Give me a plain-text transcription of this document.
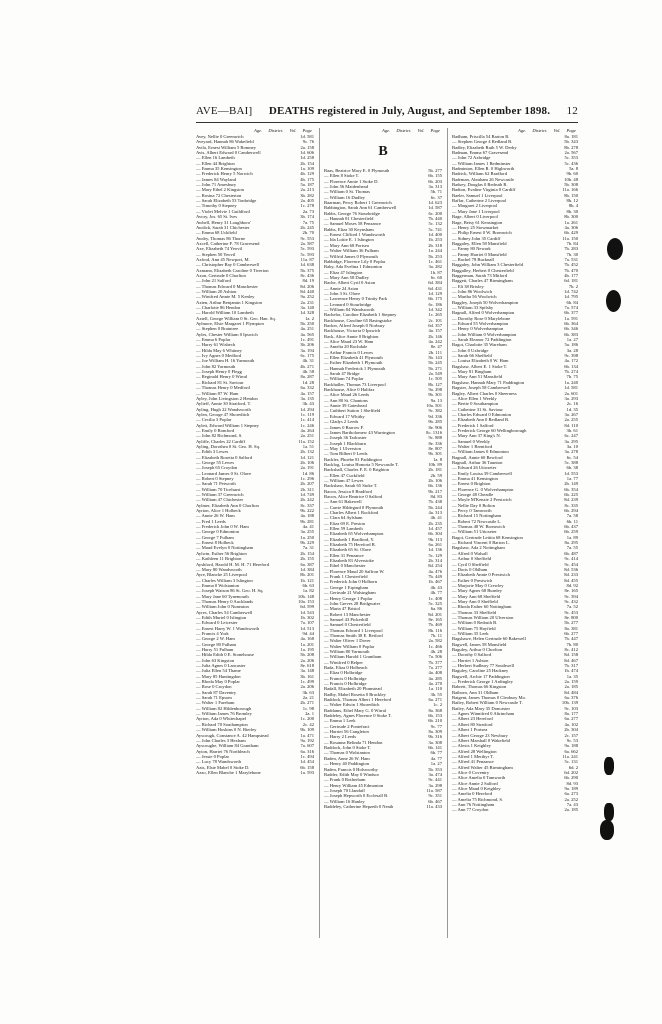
AVE—BAI] DEATHS registered in July, August, and September 1898. 12
Age. District. Vol. Page
Avey, Nellie 0 Greenwich	1d. 581
Aveyard, Hannah 86 Wakefield	9c. 76
Avila, Ernest William 5 Romney	2a. 158
Avis, Albert Edward 0 Camberwell	1d. 606
— Ellen 16 Lambeth	1d. 258
— Ellen 44 Brighton	2b. 154
— Emma 35 Kensington	1a. 109
— Frederick Henry 5 Norwich	4b. 129
— James 84 Wayland	4b. 175
— John 71 Amesbury	5a. 187
— Mary Ethel 2 Kingston	2a. 213
— Rosina 72 Chesterton	3b. 282
— Sarah Elizabeth 53 Tonbridge	2a. 405
— Timothy 0 Stepney	1c. 278
— Violet Melvie 1 Guildford	2a. 73
Avory, Jos. 65 St. Ives	3b. 174
Awbell, Henry 31 Loughboro'	7a. 75
Awdick, Sarah 31 Chichester	2b. 245
— Emma 68 Uckfield	2b. 70
Awdry, Thomas 86 Thorne	9c. 553
Axcell, Catherine F. 78 Gravesend	2a. 587
Axe, Elizabeth 74 Yeovil	5c. 593
— Stephen 50 Yeovil	5c. 593
Axford, Ann 45 Newport, M.	11a. 87
— Christopher Ray 0 Camberwell	1d. 638
Axmann, Elizabeth Caroline 0 Tiverton	5b. 375
Axon, Gertrude 0 Chorlton	8c. 436
— John 21 Salford	8d. 19
— Thomas Edward 0 Manchester	8d. 206
— William 20 Ashton	8d. 440
— Winifred Annie M. 5 Kenley	9a. 252
Axten, Arthur Benjamin 1 Kingston	2a. 231
— Charlotte 86 Hendon	3a. 140
— Harold William 10 Lambeth	1d. 328
Axtell, George William 0 St. Geo. Han. Sq.	1a. 2
Aylmore, Elsie Margaret 1 Plympton	5b. 250
— Stephen 0 Braintree	4a. 251
Ayles, Chester William 0 Ipswich	4a. 565
— Emma 6 Poplar	1c. 491
— Harry 61 Wisbech	3b. 206
— Hilda May 6 Whitney	3a. 194
— Ivy Agnes 0 Medford	6c. 175
— Joe William H. 16 Yarmouth	4b. 31
— John 82 Yarmouth	4b. 271
— Joseph Henry 0 Flegg	4b. 58
— Reginald Henry 0 Wirral	8a. 287
— Richard 81 St. Saviour	1d. 28
— Thomas Henry 0 Medford	6a. 332
— William 87 W. Ham	4a. 157
Ayley, John Livingston 2 Hendon	3a. 135
Aylieff, Annie 30 Stratford, T.	3b. 43
Ayling, Hugh 22 Wandsworth	1d. 294
Aylen, George 47 Shoreditch	1c. 119
— Cecilia 3 Poplar	1c. 414
Aylett, Edward William 1 Stepney	1c. 246
— Emily 0 Romford	4a. 264
— John 82 Richmond, S.	2a. 251
Ayliffe, Charles 22 Cardiff	11a. 152
Ayling, Dorothea 0 St. Geo. H. Sq.	1a. 51
— Edith 3 Lewes	2b. 132
— Elizabeth Rosetta 0 Salford	1d. 121
— George 55 Lewes	2b. 106
— Joseph 65 Croydon	2a. 191
— Leonard James 0 St. Olave	1d. 86
— Robert 0 Stepney	1c. 296
— Sarah 71 Petworth	2b. 207
— William 70 Ticehurst	2b. 311
— William 37 Greenwich	1d. 749
— William 47 Chichester	2b. 242
Aylmer, Elizabeth Ann 0 Chorlton	8c. 337
Ayrton, Alice 1 Holbeck	9b. 222
— Annie 26 W. Ham	4a. 188
— Fred 1 Leeds	9b. 281
— Frederick John 0 W. Ham	4a. 41
— George 0 Edmonton	3a. 255
— George 7 Fulham	1a. 250
— Ernest 8 Holbeck	9b. 229
— Maud Evelyn 0 Nottingham	7a. 31
Aylwin, Esther 56 Brighton	2b. 154
— Kathleen 11 Brighton	2b. 155
Ayshford, Harold H. M. H. 71 Hereford	6a. 387
— Mary 80 Wandsworth	1d. 384
Ayre, Blanche 25 Liverpool	8b. 201
— Charles William 3 Islington	1b. 121
— Emma 0 Wolstanton	6b. 63
— Joseph Watson 86 St. Geo. H. Sq.	1a. 82
— Mary Jane 60 Tynemouth	10b. 148
— Thomas Henry 0 Aucklands	10a. 153
— William John 0 Nuneaton	6d. 599
Ayres, Charles 54 Camberwell	1d. 543
— Edith Muriel 0 Islington	1b. 302
— Edward 0 Leicester	7a. 107
— Ernest Harry W. 1 Wandsworth	1d. 513
— Francis 4 York	9d. 44
— George 2 W. Ham	4a. 168
— George 80 Fulham	1a. 201
— Harry 51 Fulham	1a. 195
— Hilda Edith 0 E. Stonehouse	5b. 208
— John 63 Kingston	2a. 206
— Julia Agnes 0 Lancaster	8e. 618
— Julia Ellen 54 Thame	3a. 148
— Mary 85 Huntingdon	3b. 161
— Rhoda May 0 Poplar	1c. 499
— Rose 0 Croydon	2a. 206
— Sarah 87 Daventry	3b. 63
— Sarah 71 Epsom	2a. 21
— Walter 1 Fareham	2b. 271
— William 82 Hildenborough	1c. 98
— William James 76 Bromley	2a. 1
Ayrton, Ada 0 Whitechapel	1c. 200
— Richard 70 Southampton	2c. 42
— William Hoskins 0 N. Bierley	9b. 109
Ayscough, Constance A. 42 Hampstead	1a. 471
— John Charles 3 Hexham	9a. 192
Ayscoughe, William 84 Grantham	7a. 607
Ayton, Harriet 76 Northleach	6a. 316
— Jessie 0 Poplar	1c. 494
— Lucy 78 Wandsworth	1d. 454
Azis, Elsie Mabel 0 Stoke D.	6b. 158
Azzo, Ellen Blanche 1 Marylebone	1a. 593
Age. District. Vol. Page
B
Baas, Beatrice Mary E. 0 Plymouth	5b. 277
— Ellen 8 Stoke T.	6b. 155
— Florence Annie 1 Stoke D.	6b. 203
— John 56 Maidenhead	3a. 313
— William 0 St. Thomas	5b. 71
— William 16 Dudley	6c. 37
Baarman, Percy Robert 1 Greenwich	1d. 623
Babbington, Sarah Ann 61 Camberwell	1d. 587
Babbs, George 76 Stourbridge	6c. 200
— Hannah 81 Chesterfield	7b. 440
— Samuel Moses 58 Penzance	5c. 132
Babbs, Eliza 30 Keynsham	5c. 741
— Ernest Clifford 1 Wandsworth	1d. 400
— Ida Lottie E. 1 Islington	1b. 253
— Mary Ann 68 Portsea	2b. 318
— Walter William 36 Fulham	1a. 244
— Wilfrid James 0 Plymouth	5b. 253
Babbidge, Florence Lily 0 Poplar	1c. 461
Baby, Ada Evelina 1 Edmonton	3a. 282
— Eliza 47 Islington	1b. 87
— Mary Ann 58 Dudley	6c. 60
Bache, Albert Cyril 0 Aston	6d. 384
— Annie 24 Aston	6d. 431
— John 3 St. Olave	1d. 129
— Lawrence Henry 0 Trinity Park	6b. 175
— Leonard 0 Stourbridge	6c. 186
— William 84 Wandsworth	1d. 342
Bachelor, Caroline Elizabeth 1 Stepney	1c. 265
Backhouse, Caroline 65 Basingstoke	2c. 101
Backer, Alfred Joseph 0 Norbury	6d. 357
Backhouse, Victoria 0 Ipswich	4a. 157
Back, Alice Annie 0 Brighton	2b. 146
— Alice Maud 23 W. Ham	4a. 242
— Amelia 20 Rochdale	8e. 47
— Arthur Francis 0 Lewes	2b. 111
— Ellen Elizabeth 41 Plymouth	5b. 143
— Esther Elizabeth 1 Plymouth	5b. 245
— Hannah Frederick 1 Plymouth	5b. 271
— Sarah 47 Bridge	2a. 549
— William 74 Poplar	1c. 505
Backhaller, Thomas 73 Liverpool	8b. 127
Backhouse, Alice 0 Halifax	9a. 298
— Alice Maud 26 Leeds	9b. 301
— Ann 80 St. Chantons	9a. 13
— Annie 39 Gateshead	10a. 501
— Cuthbert Sutton 1 Sheffield	9c. 382
— Edward 17 Whitby	9d. 336
— Gladys 2 Leeds	9b. 285
— James 0 Barrow F.	8e. 906
— James Bartholomew 43 Warrington	8c. 1316
— Joseph 36 Tadcaster	9c. 888
— Joseph 1 Blackburn	8e. 336
— May 1 Ulverston	8e. 807
— Tom Bilbert 0 Leeds	9b. 301
Backler, Phoebe 81 Paddington	1a. 8
Backlog, Louisa Honoria 5 Newcastle T.	10b. 89
Backshall, Charles F. E. 0 Brighton	2b. 181
— Ellen 47 Cuckfield	2b. 59
— William 47 Lewes	2b. 106
Backshaw, Sarah 65 Stoke T.	6b. 136
Bacon, Jessica 0 Bradford	9b. 217
Bacon, Alice Beatrice 0 Salford	8d. 83
— Ann 61 Bakewell	7b. 438
— Carrie Hildegard 0 Plymouth	5b. 244
— Charles Albert 1 Rockford	4a. 313
— Clara 64 Aylsham	4b. 41
— Eliza 69 E. Preston	2b. 235
— Ellen 59 Lambeth	1d. 457
— Elizabeth 65 Wolverhampton	6b. 304
— Elizabeth 1 Bradford, Y.	9b. 113
— Elizabeth 75 Hereford R.	6a. 261
— Elizabeth 65 St. Olave	1d. 136
— Ellen 31 Penzance	5c. 129
— Elizabeth 83 Alverstoke	2b. 314
— Ethel 0 Manchester	8d. 254
— Florence Maud 20 Saffron W.	4a. 476
— Frank 1 Chesterfield	7b. 449
— Frederick John 0 Holborn	1b. 467
— George 1 Erpingham	4b. 43
— Gertrude 21 Walsingham	4b. 77
— Henry George 1 Poplar	1c. 408
— John Greves 28 Bridgwater	5c. 325
— Maria 47 Bristol	6a. 86
— Robert 13 Manchester	8d. 201
— Samuel 43 Pickerhill	8e. 165
— Samuel 0 Chesterfield	7b. 469
— Thomas Edward 1 Liverpool	8b. 116
— Thomas Smith 38 E. Retford	7b. 11
— Walter Oliver 1 Dover	2a. 582
— Walter William 0 Poplar	1c. 466
— William 80 Yarmouth	4b. 28
— William Harold 1 Grantham	7a. 506
— Winifred 0 Belper	7b. 377
Bada, Eliza 0 Holbeach	7a. 277
— Eliza 0 Holbridge	4a. 408
— Francis 0 Holbridge	4a. 285
— Francis 0 Holbridge	4a. 270
Badall, Elizabeth 20 Plumstead	1a. 110
Badby, Mabel Rosetta 0 Brackley	3b. 55
Baddock, Thomas Albert 1 Hereford	6a. 271
— Walter Edwin 1 Shoreditch	1c. 2
Baddams, Ethel Mary G. 0 Wirral	8a. 368
Baddeley, Agnes Florence 0 Stoke T.	6b. 153
— Emma 1 Leek	6b. 210
— Gertrude 2 Pontefract	9c. 77
— Harriet 56 Congleton	8a. 309
— Harry 2 Leeds	9b. 316
— Rosanna Belinda 71 Hendon	3a. 308
Baddock, John 0 Stoke T.	6b. 141
— Thomas 0 Wolstanton	6b. 77
Baden, Anne 26 W. Ham	4a. 77
— Henry 40 Paddington	1a. 27
Baden, Francis 0 Holsworthy	5b. 353
Badder, Edith May 0 Windsor	3a. 474
— Frank 0 Rotherham	9c. 441
— Henry William 45 Edmonton	3a. 298
— Joseph 70 Llandaff	11a. 587
— Joseph Hepworth 0 Ecclesall B.	9c. 351
— William 16 Hanley	6b. 467
Baddeley, Catherine Hepzeth 0 Neath	11a. 433
Age. District. Vol. Page
Badham, Priscilla 54 Barton R.	8a. 181
— Stephen George 4 Redland B.	5b. 343
Badley, Elizabeth Ruth 5 W. Derby	8b. 278
Badman, Emma 67 Gravesend	2a. 567
— John 72 Axbridge	5c. 353
— William James 1 Bedminster	5c. 436
Badminton, Ellen R. 0 Highworth	5a. 8
Badrick, William 62 Bradford	9b. 60
Badrman, Abraham 26 Newcastle	10b. 48
Badsey, Douglas 0 Redruth R.	5b. 308
Badton, Evaline Virginia 0 Cardiff	11a. 166
Baeler, Samuel 1 Liverpool	8b. 150
Baffar, Catherine 2 Liverpool	8b. 12
— Margaret 2 Liverpool	8b. 4
— Mary Jane 1 Liverpool	8b. 30
Bage, Albert 0 Liverpool	8b. 300
Bage, Betsy 61 Kensington	1a. 261
— Henry 25 Stowmarket	4a. 306
— Philip Ernest 0 W. Bromwich	6b. 429
— Sidney John 35 Cardiff	11a. 150
Baggaley, Ellen 58 Mansfield	7b. 84
— Fanny 80 Newark	7b. 283
— Fanny Harriet 0 Mansfield	7b. 30
— Rachel 78 Bucknall	7a. 531
Baggaley, John William 3 Chesterfield	7b. 452
Baggalley, Herbert 0 Chesterfield	7b. 470
Baggerman, Sarah 73 Mitford	4b. 177
Baggett, Charles 47 Birmingham	6d. 181
— Eli 38 Brixley	7b. 2
— John 86 Woolwich	1d. 742
— Martha 56 Woolwich	1d. 795
Baggley, Joseph 50 Wolverhampton	6b. 84
— William 33 Spilsby	7a. 574
Bagnall, Alfred 0 Wolverhampton	6b. 377
— Dorothy Rose 0 Marylebone	1a. 591
— Edward 55 Wolverhampton	6b. 364
— Henry 0 Wolverhampton	6b. 346
— John William 0 Wolverhampton	6b. 383
— Sarah Eleanor 72 Paddington	1a. 27
Bagot, Charlotte 35 Wareham	5a. 186
— John 0 Uxbridge	3a. 28
— Sarah 66 Sheffield	9c. 398
— Louisa Elizabeth 0 W. Ham	4a. 172
Bagshaw, Albert E. 1 Stoke T.	6b. 134
— Mary 81 Bingham	7b. 274
— Mary Ann 51 Mansfield	7b. 75
Bagshaw, Hannah Mary 71 Paddington	1a. 240
Bagster, Joseph 58 Camberwell	1d. 581
Bagley, Albert Charles 0 Sheerness	2a. 601
— Alice Ellen 1 Weekly	3a. 293
— Bertie 0 Southampton	2c. 16
— Catherine 31 St. Saviour	1d. 35
— Charles Edward 0 Edmonton	3a. 267
— Elizabeth Ann 0 Redland B.	2a. 255
— Frederick 1 Salford	8d. 110
— Frederick George 60 Wellingborough	3b. 61
— Mary Ann 37 King's N.	6c. 247
— Samuel 0 Weekly	3a. 295
— Walter 1 Brentford	3a. 10
— William James 0 Edmonton	3a. 278
Bagnall, Annie 60 Bewford	6c. 54
Bagnall, Arthur 36 Taunton	5c. 388
— Edward 26 Uttoxeter	6b. 38
— Emily Louisa 39 Camberwell	1d. 553
— Emma 41 Kensington	1a. 77
— Ernest 0 Brighton	2b. 149
— Florence G. 0 Wolverhampton	6b. 354
— George 48 Cheadle	6b. 225
— Moyle M'Kenzie 2 Prestwich	8d. 239
— Nellie Day 0 Bolton	8c. 335
— Percy 0 Tamworth	6b. 294
— Richard 15 Nottingham	7a. 58
— Robert 72 Newcastle L.	6b. 11
— Thomas 48 W. Bromwich	6b. 437
— William 51 Uttoxeter	6b. 259
Bagot, Gertrude Letitia 68 Kensington	1a. 89
— Richard Vincent 0 Barton L.	8a. 295
Bagshaw, Ada 2 Nottingham	7a. 55
— Alfred 0 Walsall	6b. 487
— Arthur 0 Sheffield	9c. 414
— Cyril 0 Sheffield	9c. 454
— Doris 0 Oldham	8d. 536
— Elizabeth Annie 0 Prestwich	8d. 233
— Esther 0 Prestwich	8d. 455
— Marjorie May 0 Crewley	8d. 92
— Mary Agnes 68 Burnley	8e. 165
— Mary Ann 68 Sheffield	9c. 394
— Mary Ann 0 Sheffield	9c. 432
— Rhoda Esther 60 Nottingham	7a. 52
— Thomas 33 Sheffield	9c. 453
— Thomas William 20 Ulverston	8e. 800
— William 0 Redruth B.	5b. 277
— William 75 Hayfield	8a. 381
— William 35 Leek	6b. 277
Bagshawe, Helen Gertrude 60 Bakewell	7b. 447
Bagwell, James 58 Mansfield	7b. 80
Baguley, Arthur 0 Chorlton	8c. 412
— Dorothy 0 Salford	8d. 158
— Harriet 1 Ashton	8d. 467
— Herbert Sudbury 77 Southwell	7b. 317
Baguley, Caroline 25 Hackney	1b. 474
Bagwell, Archie 17 Paddington	1a. 35
— Frederick George 1 Ardingley	2a. 159
Bahrett, Thomas 66 Kingston	2a. 185
Baiborn, Ann 31 Oldham	8d. 484
Baigent, James Thomas 0 Cleobury Mo.	6a. 376
Bailey, Robert William 0 Newcastle T.	10b. 139
Bailey, Ada Mary 35 Doncaster	9c. 103
— Agnes Winnifred 0 Altrincham	8a. 177
— Albert 23 Hereford	6a. 277
— Albert 80 Stratford	4a. 102
— Albert 1 Portsea	2b. 304
— Albert George 23 Newbury	2c. 157
— Albert Marshall 0 Wakefield	9c. 53
— Alexis 1 Keighley	9a. 188
— Alfred 28 Wellington	6a. 662
— Alfred 1 Merthyr T.	11a. 241
— Alfred 41 Penzance	5c. 131
— Alfred Walter 45 Birmingham	6d. 2
— Alice 0 Coventry	6d. 202
— Alice Amelia 0 Tamworth	6b. 290
— Alice Annie 2 Salford	8d. 93
— Alice Maud 0 Keighley	9a. 189
— Amelia 0 Hereford	6a. 273
— Amelia 75 Richmond, S.	2a. 252
— Ann 76 Nottingham	7a. 43
— Ann 77 Croydon	2a. 185
